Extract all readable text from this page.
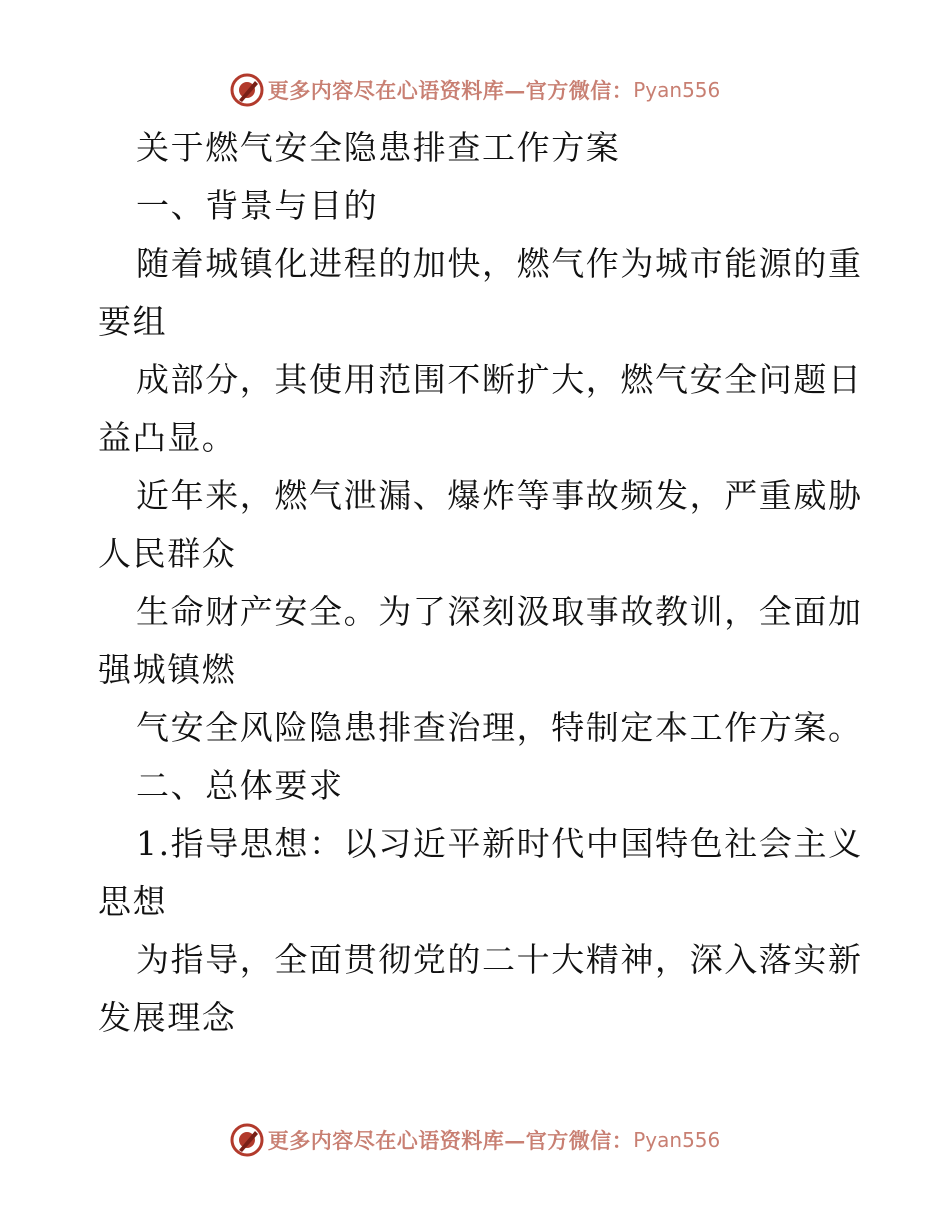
更多内容尽在心语资料库—官方微信： Pyan556
关于燃气安全隐患排查工作方案
一、背景与目的
随着城镇化进程的加快，燃气作为城市能源的重
要组
成部分，其使用范围不断扩大，燃气安全问题日
益凸显。
近年来，燃气泄漏、爆炸等事故频发，严重威胁
人民群众
生命财产安全。为了深刻汲取事故教训，全面加
强城镇燃
气安全风险隐患排查治理，特制定本工作方案。
二、总体要求
1.指导思想：以习近平新时代中国特色社会主义
思想
为指导，全面贯彻党的二十大精神，深入落实新
发展理念
更多内容尽在心语资料库—官方微信： Pyan556
